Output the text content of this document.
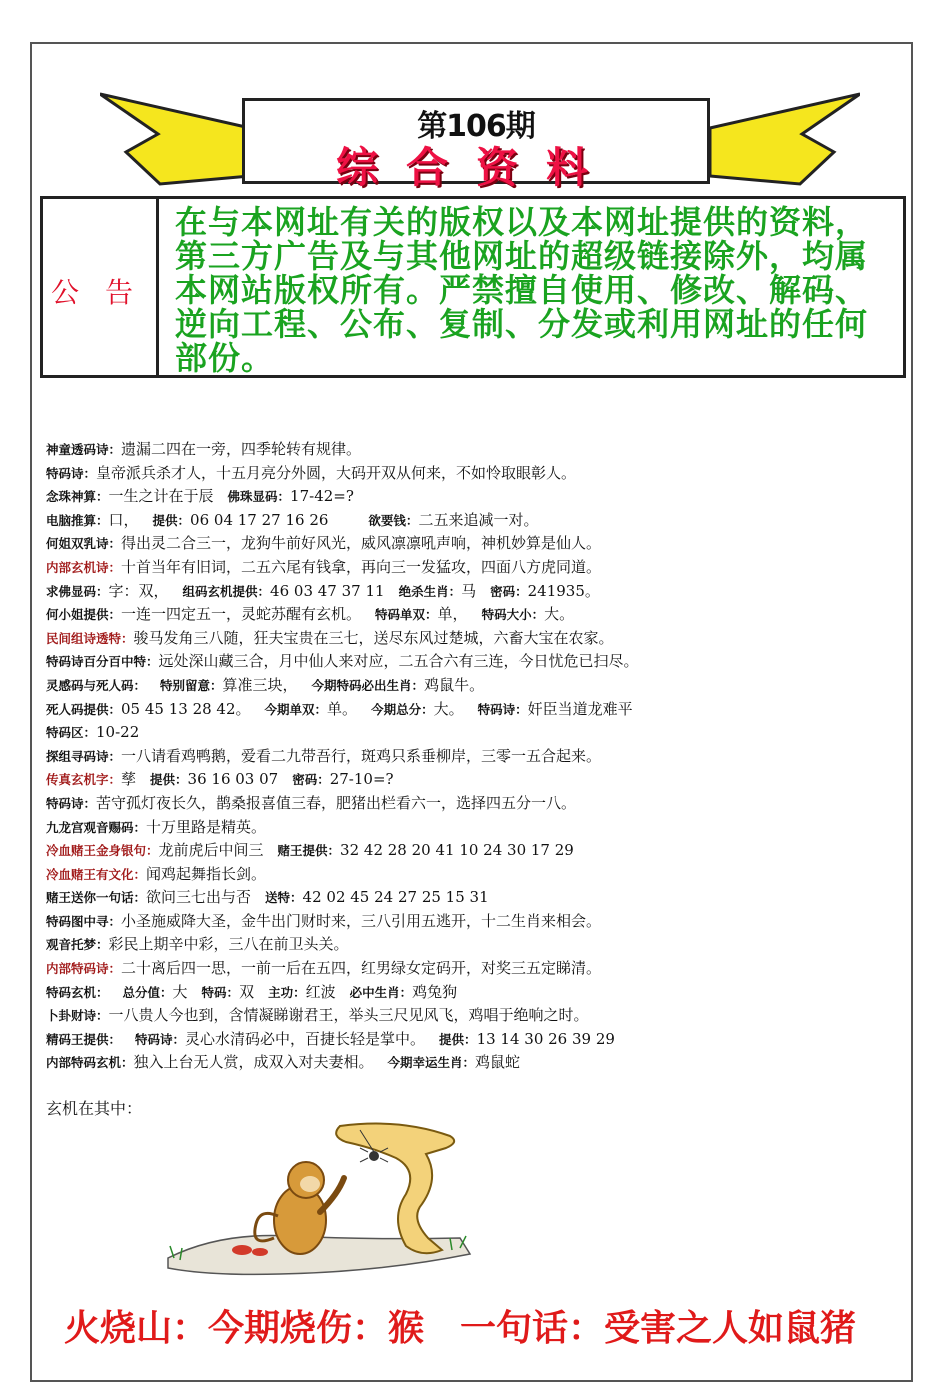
第106期
综合资料
公告
在与本网址有关的版权以及本网址提供的资料，第三方广告及与其他网址的超级链接除外，均属本网站版权所有。严禁擅自使用、修改、解码、逆向工程、公布、复制、分发或利用网址的任何部份。
神童透码诗：遗漏二四在一旁，四季轮转有规律。
特码诗：皇帝派兵杀才人，十五月亮分外圆，大码开双从何来，不如怜取眼彰人。
念珠神算：一生之计在于辰 佛珠显码：17-42=?
电脑推算：口， 提供：06 04 17 27 16 26	欲要钱：二五来追减一对。
何姐双乳诗：得出灵二合三一，龙狗牛前好风光，威风凛凛吼声响，神机妙算是仙人。
内部玄机诗：十首当年有旧词，二五六尾有钱拿，再向三一发猛攻，四面八方虎同道。
求佛显码：字：双， 组码玄机提供：46 03 47 37 11 绝杀生肖：马 密码：241935。
何小姐提供：一连一四定五一，灵蛇苏醒有玄机。 特码单双：单， 特码大小：大。
民间组诗透特：骏马发角三八随，狂夫宝贵在三七，送尽东风过楚城，六畜大宝在农家。
特码诗百分百中特：远处深山藏三合，月中仙人来对应，二五合六有三连，今日忧危已扫尽。
灵感码与死人码： 特别留意：算准三块， 今期特码必出生肖：鸡鼠牛。
死人码提供：05 45 13 28 42。 今期单双：单。 今期总分：大。 特码诗：奸臣当道龙难平
特码区：10-22
探组寻码诗：一八请看鸡鸭鹅，爱看二九带吾行，斑鸡只系垂柳岸，三零一五合起来。
传真玄机字：孳 提供：36 16 03 07 密码：27-10=?
特码诗：苦守孤灯夜长久，鹊桑报喜值三春，肥猪出栏看六一，选择四五分一八。
九龙宫观音赐码：十万里路是精英。
冷血赌王金身银句：龙前虎后中间三 赌王提供：32 42 28 20 41 10 24 30 17 29
冷血赌王有文化：闻鸡起舞指长剑。
赌王送你一句话：欲问三七出与否 送特：42 02 45 24 27 25 15 31
特码图中寻：小圣施威降大圣，金牛出门财时来，三八引用五逃开，十二生肖来相会。
观音托梦：彩民上期辛中彩，三八在前卫头关。
内部特码诗：二十离后四一思，一前一后在五四，红男绿女定码开，对奖三五定睇清。
特码玄机： 总分值：大 特码：双 主功：红波 必中生肖：鸡兔狗
卜卦财诗：一八贵人今也到，含情凝睇谢君王，举头三尺见风飞，鸡唱于绝响之时。
精码王提供： 特码诗：灵心水清码必中，百捷长轻是掌中。 提供：13 14 30 26 39 29
内部特码玄机：独入上台无人赏，成双入对夫妻相。 今期幸运生肖：鸡鼠蛇
玄机在其中：
火烧山：今期烧伤：猴 一句话：受害之人如鼠猪
